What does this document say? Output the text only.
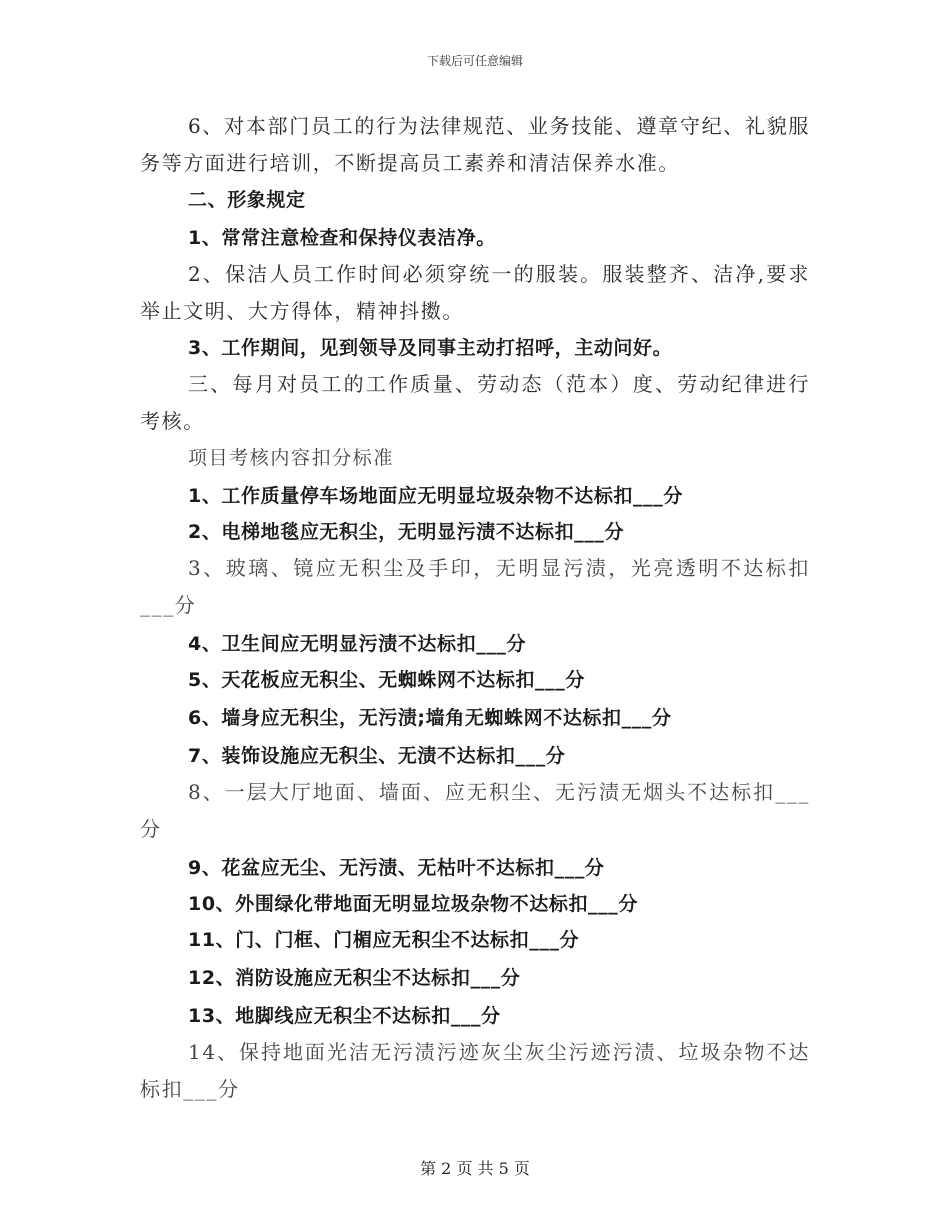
下载后可任意编辑
6、对本部门员工的行为法律规范、业务技能、遵章守纪、礼貌服务等方面进行培训，不断提高员工素养和清洁保养水准。
二、形象规定
1、常常注意检查和保持仪表洁净。
2、保洁人员工作时间必须穿统一的服装。服装整齐、洁净,要求举止文明、大方得体，精神抖擞。
3、工作期间，见到领导及同事主动打招呼，主动问好。
三、每月对员工的工作质量、劳动态（范本）度、劳动纪律进行考核。
项目考核内容扣分标准
1、工作质量停车场地面应无明显垃圾杂物不达标扣___分
2、电梯地毯应无积尘，无明显污渍不达标扣___分
3、玻璃、镜应无积尘及手印，无明显污渍，光亮透明不达标扣___分
4、卫生间应无明显污渍不达标扣___分
5、天花板应无积尘、无蜘蛛网不达标扣___分
6、墙身应无积尘，无污渍;墙角无蜘蛛网不达标扣___分
7、装饰设施应无积尘、无渍不达标扣___分
8、一层大厅地面、墙面、应无积尘、无污渍无烟头不达标扣___分
9、花盆应无尘、无污渍、无枯叶不达标扣___分
10、外围绿化带地面无明显垃圾杂物不达标扣___分
11、门、门框、门楣应无积尘不达标扣___分
12、消防设施应无积尘不达标扣___分
13、地脚线应无积尘不达标扣___分
14、保持地面光洁无污渍污迹灰尘灰尘污迹污渍、垃圾杂物不达标扣___分
第 2 页 共 5 页
